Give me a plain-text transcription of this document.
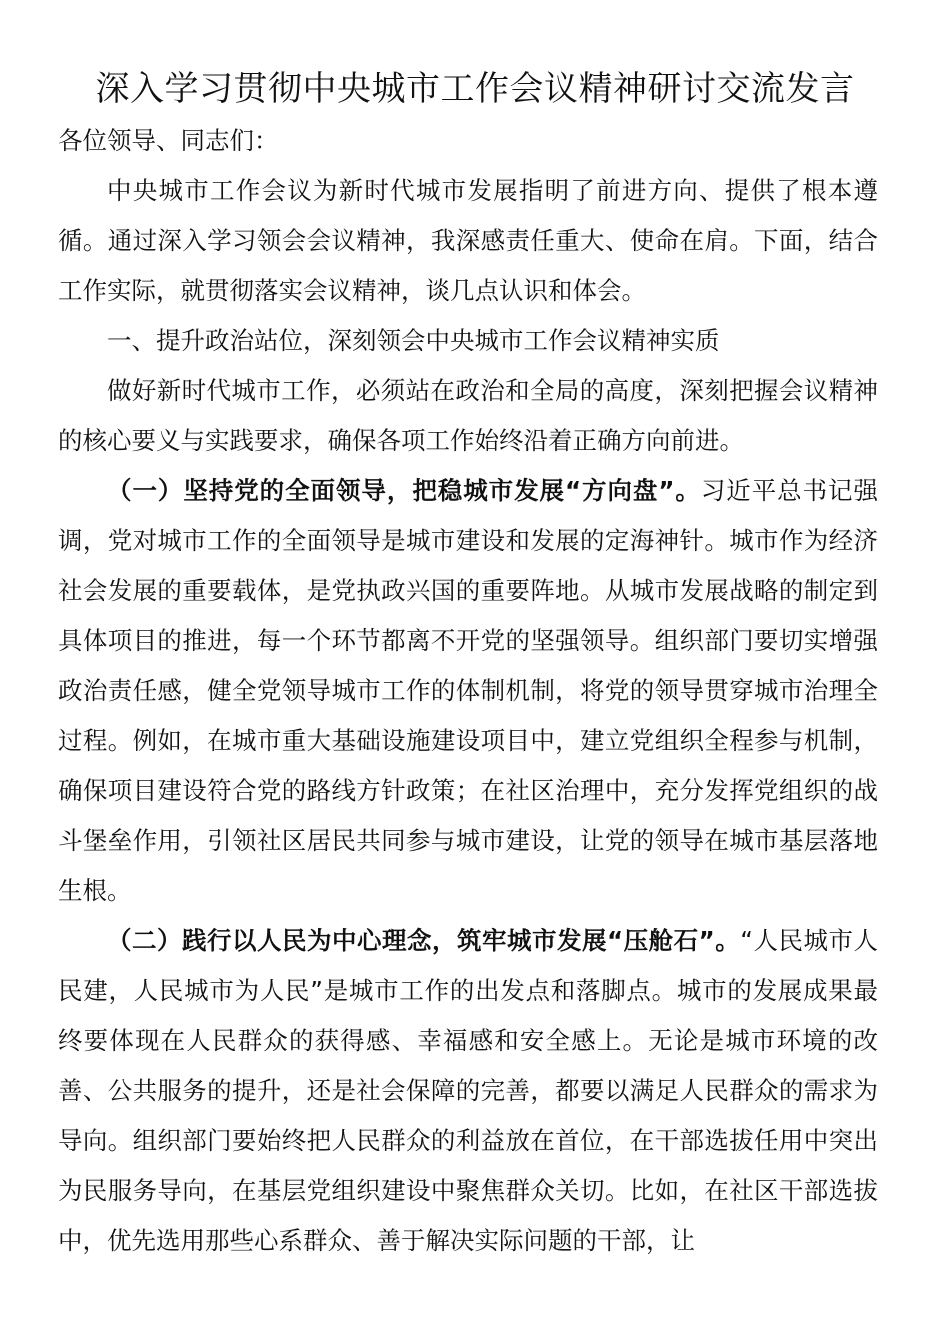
深入学习贯彻中央城市工作会议精神研讨交流发言

各位领导、同志们：

中央城市工作会议为新时代城市发展指明了前进方向、提供了根本遵循。通过深入学习领会会议精神，我深感责任重大、使命在肩。下面，结合工作实际，就贯彻落实会议精神，谈几点认识和体会。

一、提升政治站位，深刻领会中央城市工作会议精神实质

做好新时代城市工作，必须站在政治和全局的高度，深刻把握会议精神的核心要义与实践要求，确保各项工作始终沿着正确方向前进。

（一）坚持党的全面领导，把稳城市发展“方向盘”。习近平总书记强调，党对城市工作的全面领导是城市建设和发展的定海神针。城市作为经济社会发展的重要载体，是党执政兴国的重要阵地。从城市发展战略的制定到具体项目的推进，每一个环节都离不开党的坚强领导。组织部门要切实增强政治责任感，健全党领导城市工作的体制机制，将党的领导贯穿城市治理全过程。例如，在城市重大基础设施建设项目中，建立党组织全程参与机制，确保项目建设符合党的路线方针政策；在社区治理中，充分发挥党组织的战斗堡垒作用，引领社区居民共同参与城市建设，让党的领导在城市基层落地生根。

（二）践行以人民为中心理念，筑牢城市发展“压舱石”。“人民城市人民建，人民城市为人民”是城市工作的出发点和落脚点。城市的发展成果最终要体现在人民群众的获得感、幸福感和安全感上。无论是城市环境的改善、公共服务的提升，还是社会保障的完善，都要以满足人民群众的需求为导向。组织部门要始终把人民群众的利益放在首位，在干部选拔任用中突出为民服务导向，在基层党组织建设中聚焦群众关切。比如，在社区干部选拔中，优先选用那些心系群众、善于解决实际问题的干部，让
